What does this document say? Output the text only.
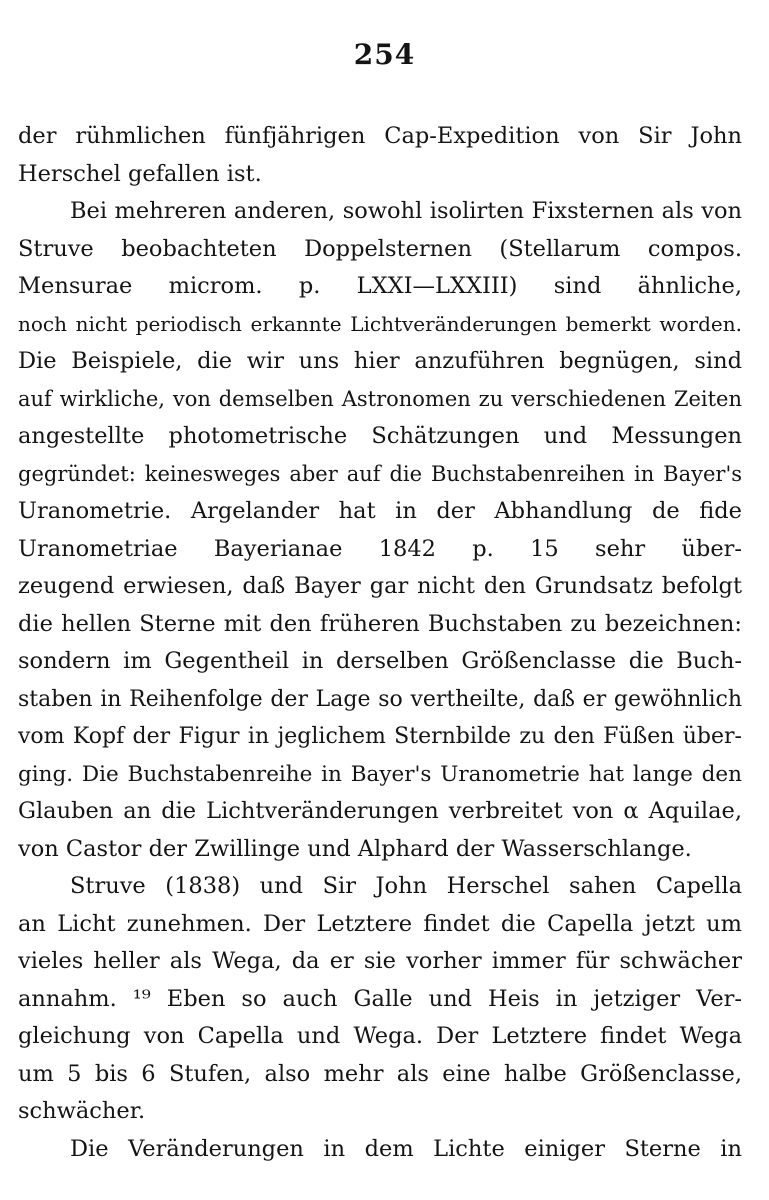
254
der rühmlichen fünfjährigen Cap-Expedition von Sir John
Herschel gefallen ist.
Bei mehreren anderen, sowohl isolirten Fixsternen als von
Struve beobachteten Doppelsternen (Stellarum compos.
Mensurae microm. p. LXXI—LXXIII) sind ähnliche,
noch nicht periodisch erkannte Lichtveränderungen bemerkt worden.
Die Beispiele, die wir uns hier anzuführen begnügen, sind
auf wirkliche, von demselben Astronomen zu verschiedenen Zeiten
angestellte photometrische Schätzungen und Messungen
gegründet: keinesweges aber auf die Buchstabenreihen in Bayer's
Uranometrie. Argelander hat in der Abhandlung de fide
Uranometriae Bayerianae 1842 p. 15 sehr über-
zeugend erwiesen, daß Bayer gar nicht den Grundsatz befolgt
die hellen Sterne mit den früheren Buchstaben zu bezeichnen:
sondern im Gegentheil in derselben Größenclasse die Buch-
staben in Reihenfolge der Lage so vertheilte, daß er gewöhnlich
vom Kopf der Figur in jeglichem Sternbilde zu den Füßen über-
ging. Die Buchstabenreihe in Bayer's Uranometrie hat lange den
Glauben an die Lichtveränderungen verbreitet von α Aquilae,
von Castor der Zwillinge und Alphard der Wasserschlange.
Struve (1838) und Sir John Herschel sahen Capella
an Licht zunehmen. Der Letztere findet die Capella jetzt um
vieles heller als Wega, da er sie vorher immer für schwächer
annahm. ¹⁹ Eben so auch Galle und Heis in jetziger Ver-
gleichung von Capella und Wega. Der Letztere findet Wega
um 5 bis 6 Stufen, also mehr als eine halbe Größenclasse,
schwächer.
Die Veränderungen in dem Lichte einiger Sterne in
